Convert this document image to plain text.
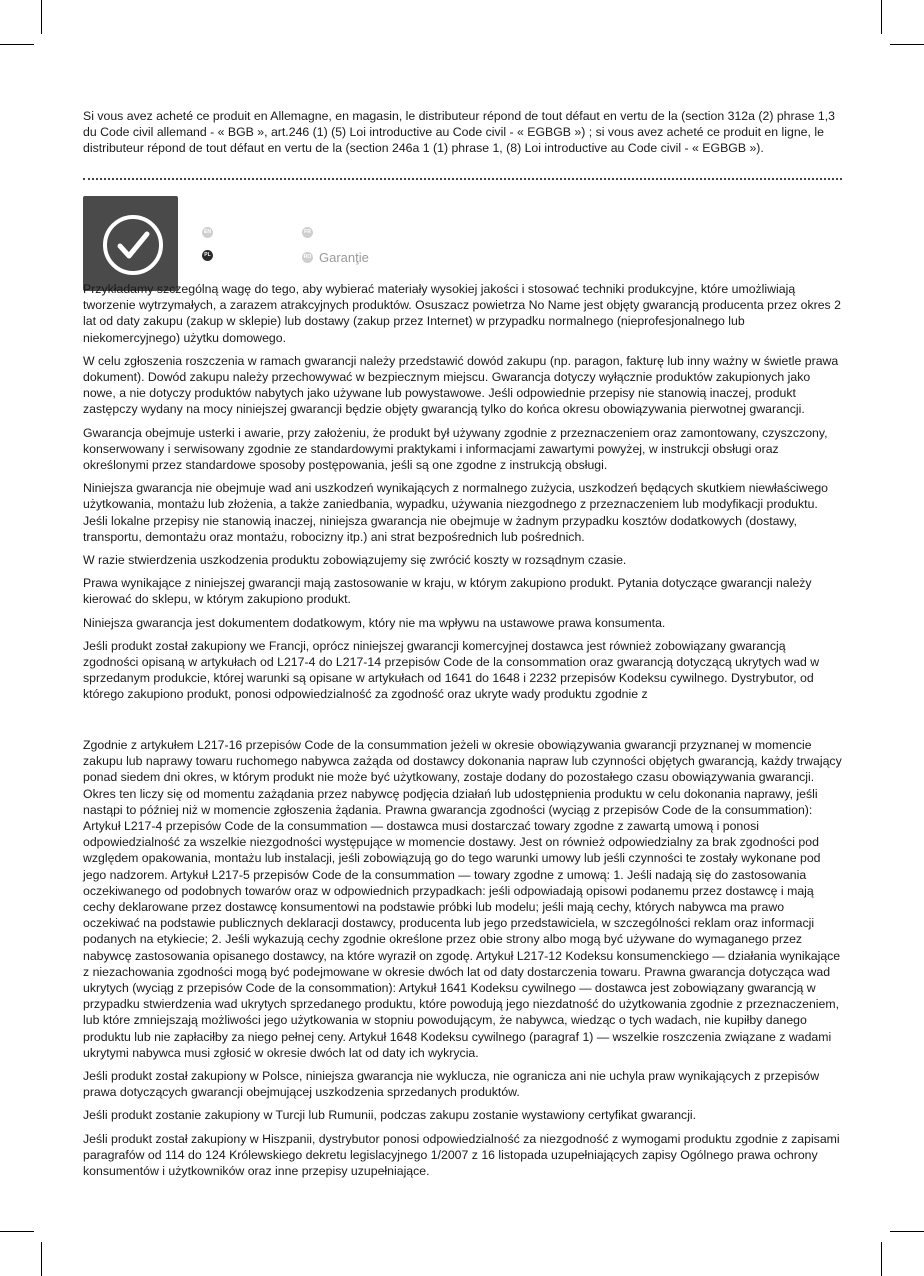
Si vous avez acheté ce produit en Allemagne, en magasin, le distributeur répond de tout défaut en vertu de la (section 312a (2) phrase 1,3 du Code civil allemand - « BGB », art.246 (1) (5) Loi introductive au Code civil - « EGBGB ») ; si vous avez acheté ce produit en ligne, le distributeur répond de tout défaut en vertu de la (section 246a 1 (1) phrase 1, (8) Loi introductive au Code civil - « EGBGB »).

EN	FR
PL	RO Garanţie

Przykładamy szczególną wagę do tego, aby wybierać materiały wysokiej jakości i stosować techniki produkcyjne, które umożliwiają tworzenie wytrzymałych, a zarazem atrakcyjnych produktów. Osuszacz powietrza No Name jest objęty gwarancją producenta przez okres 2 lat od daty zakupu (zakup w sklepie) lub dostawy (zakup przez Internet) w przypadku normalnego (nieprofesjonalnego lub niekomercyjnego) użytku domowego.

W celu zgłoszenia roszczenia w ramach gwarancji należy przedstawić dowód zakupu (np. paragon, fakturę lub inny ważny w świetle prawa dokument). Dowód zakupu należy przechowywać w bezpiecznym miejscu. Gwarancja dotyczy wyłącznie produktów zakupionych jako nowe, a nie dotyczy produktów nabytych jako używane lub powystawowe. Jeśli odpowiednie przepisy nie stanowią inaczej, produkt zastępczy wydany na mocy niniejszej gwarancji będzie objęty gwarancją tylko do końca okresu obowiązywania pierwotnej gwarancji.

Gwarancja obejmuje usterki i awarie, przy założeniu, że produkt był używany zgodnie z przeznaczeniem oraz zamontowany, czyszczony, konserwowany i serwisowany zgodnie ze standardowymi praktykami i informacjami zawartymi powyżej, w instrukcji obsługi oraz określonymi przez standardowe sposoby postępowania, jeśli są one zgodne z instrukcją obsługi.

Niniejsza gwarancja nie obejmuje wad ani uszkodzeń wynikających z normalnego zużycia, uszkodzeń będących skutkiem niewłaściwego użytkowania, montażu lub złożenia, a także zaniedbania, wypadku, używania niezgodnego z przeznaczeniem lub modyfikacji produktu. Jeśli lokalne przepisy nie stanowią inaczej, niniejsza gwarancja nie obejmuje w żadnym przypadku kosztów dodatkowych (dostawy, transportu, demontażu oraz montażu, robocizny itp.) ani strat bezpośrednich lub pośrednich.

W razie stwierdzenia uszkodzenia produktu zobowiązujemy się zwrócić koszty w rozsądnym czasie.

Prawa wynikające z niniejszej gwarancji mają zastosowanie w kraju, w którym zakupiono produkt. Pytania dotyczące gwarancji należy kierować do sklepu, w którym zakupiono produkt.

Niniejsza gwarancja jest dokumentem dodatkowym, który nie ma wpływu na ustawowe prawa konsumenta.

Jeśli produkt został zakupiony we Francji, oprócz niniejszej gwarancji komercyjnej dostawca jest również zobowiązany gwarancją zgodności opisaną w artykułach od L217-4 do L217-14 przepisów Code de la consommation oraz gwarancją dotyczącą ukrytych wad w sprzedanym produkcie, której warunki są opisane w artykułach od 1641 do 1648 i 2232 przepisów Kodeksu cywilnego. Dystrybutor, od którego zakupiono produkt, ponosi odpowiedzialność za zgodność oraz ukryte wady produktu zgodnie z

Zgodnie z artykułem L217-16 przepisów Code de la consummation jeżeli w okresie obowiązywania gwarancji przyznanej w momencie zakupu lub naprawy towaru ruchomego nabywca zażąda od dostawcy dokonania napraw lub czynności objętych gwarancją, każdy trwający ponad siedem dni okres, w którym produkt nie może być użytkowany, zostaje dodany do pozostałego czasu obowiązywania gwarancji. Okres ten liczy się od momentu zażądania przez nabywcę podjęcia działań lub udostępnienia produktu w celu dokonania naprawy, jeśli nastąpi to później niż w momencie zgłoszenia żądania. Prawna gwarancja zgodności (wyciąg z przepisów Code de la consummation): Artykuł L217-4 przepisów Code de la consummation — dostawca musi dostarczać towary zgodne z zawartą umową i ponosi odpowiedzialność za wszelkie niezgodności występujące w momencie dostawy. Jest on również odpowiedzialny za brak zgodności pod względem opakowania, montażu lub instalacji, jeśli zobowiązują go do tego warunki umowy lub jeśli czynności te zostały wykonane pod jego nadzorem. Artykuł L217-5 przepisów Code de la consummation — towary zgodne z umową: 1. Jeśli nadają się do zastosowania oczekiwanego od podobnych towarów oraz w odpowiednich przypadkach: jeśli odpowiadają opisowi podanemu przez dostawcę i mają cechy deklarowane przez dostawcę konsumentowi na podstawie próbki lub modelu; jeśli mają cechy, których nabywca ma prawo oczekiwać na podstawie publicznych deklaracji dostawcy, producenta lub jego przedstawiciela, w szczególności reklam oraz informacji podanych na etykiecie; 2. Jeśli wykazują cechy zgodnie określone przez obie strony albo mogą być używane do wymaganego przez nabywcę zastosowania opisanego dostawcy, na które wyraził on zgodę. Artykuł L217-12 Kodeksu konsumenckiego — działania wynikające z niezachowania zgodności mogą być podejmowane w okresie dwóch lat od daty dostarczenia towaru. Prawna gwarancja dotycząca wad ukrytych (wyciąg z przepisów Code de la consommation): Artykuł 1641 Kodeksu cywilnego — dostawca jest zobowiązany gwarancją w przypadku stwierdzenia wad ukrytych sprzedanego produktu, które powodują jego niezdatność do użytkowania zgodnie z przeznaczeniem, lub które zmniejszają możliwości jego użytkowania w stopniu powodującym, że nabywca, wiedząc o tych wadach, nie kupiłby danego produktu lub nie zapłaciłby za niego pełnej ceny. Artykuł 1648 Kodeksu cywilnego (paragraf 1) — wszelkie roszczenia związane z wadami ukrytymi nabywca musi zgłosić w okresie dwóch lat od daty ich wykrycia.

Jeśli produkt został zakupiony w Polsce, niniejsza gwarancja nie wyklucza, nie ogranicza ani nie uchyla praw wynikających z przepisów prawa dotyczących gwarancji obejmującej uszkodzenia sprzedanych produktów.

Jeśli produkt zostanie zakupiony w Turcji lub Rumunii, podczas zakupu zostanie wystawiony certyfikat gwarancji.

Jeśli produkt został zakupiony w Hiszpanii, dystrybutor ponosi odpowiedzialność za niezgodność z wymogami produktu zgodnie z zapisami paragrafów od 114 do 124 Królewskiego dekretu legislacyjnego 1/2007 z 16 listopada uzupełniających zapisy Ogólnego prawa ochrony konsumentów i użytkowników oraz inne przepisy uzupełniające.
